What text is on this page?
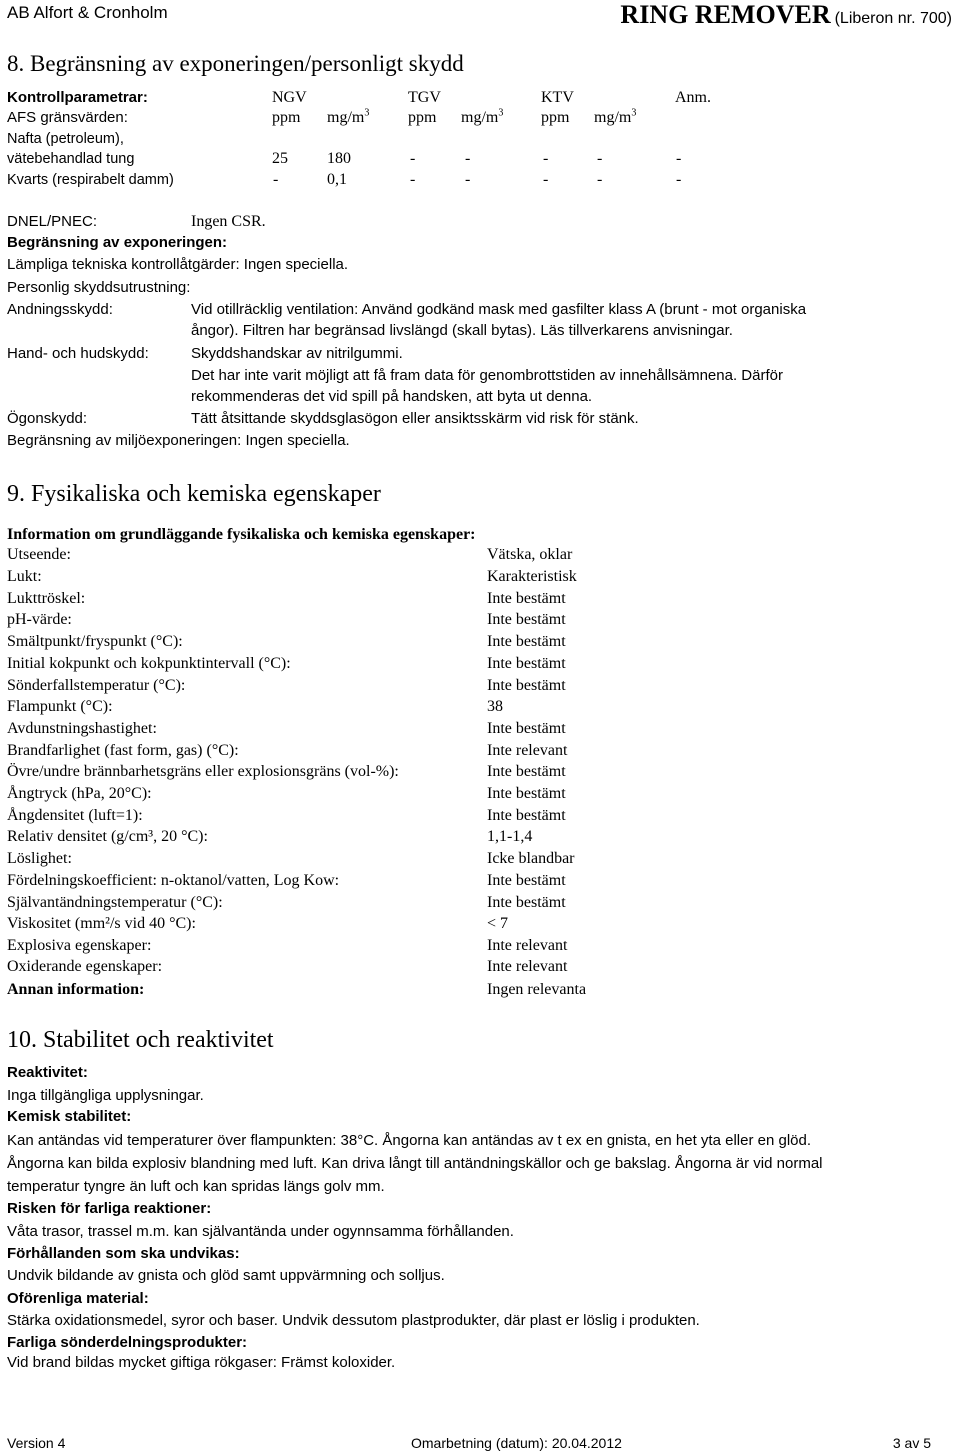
AB Alfort & Cronholm	RING REMOVER (Liberon nr. 700)
8. Begränsning av exponeringen/personligt skydd
Kontrollparametrar:	NGV	TGV	KTV	Anm.
AFS gränsvärden:	ppm $mg/m^3$ ppm $mg/m^3$ ppm $mg/m^3$
Nafta (petroleum),
vätebehandlad tung	25 180	-	-	-	-	-
Kvarts (respirabelt damm)	-	0,1	-	-	-	-	-
DNEL/PNEC:	Ingen CSR.
Begränsning av exponeringen:
Lämpliga tekniska kontrollåtgärder: Ingen speciella.
Personlig skyddsutrustning:
Andningsskydd:	Vid otillräcklig ventilation: Använd godkänd mask med gasfilter klass A (brunt - mot organiska
ångor). Filtren har begränsad livslängd (skall bytas). Läs tillverkarens anvisningar.
Hand- och hudskydd:	Skyddshandskar av nitrilgummi.
Det har inte varit möjligt att få fram data för genombrottstiden av innehållsämnena. Därför
rekommenderas det vid spill på handsken, att byta ut denna.
Ögonskydd:	Tätt åtsittande skyddsglasögon eller ansiktsskärm vid risk för stänk.
Begränsning av miljöexponeringen: Ingen speciella.
9. Fysikaliska och kemiska egenskaper
Information om grundläggande fysikaliska och kemiska egenskaper:
Utseende:	Vätska, oklar
Lukt:	Karakteristisk
Lukttröskel:	Inte bestämt
pH-värde:	Inte bestämt
Smältpunkt/fryspunkt (°C):	Inte bestämt
Initial kokpunkt och kokpunktintervall (°C):	Inte bestämt
Sönderfallstemperatur (°C):	Inte bestämt
Flampunkt (°C):	38
Avdunstningshastighet:	Inte bestämt
Brandfarlighet (fast form, gas) (°C):	Inte relevant
Övre/undre brännbarhetsgräns eller explosionsgräns (vol-%):	Inte bestämt
Ångtryck (hPa, 20°C):	Inte bestämt
Ångdensitet (luft=1):	Inte bestämt
Relativ densitet (g/cm³, 20 °C):	1,1-1,4
Löslighet:	Icke blandbar
Fördelningskoefficient: n-oktanol/vatten, Log Kow:	Inte bestämt
Självantändningstemperatur (°C):	Inte bestämt
Viskositet (mm²/s vid 40 °C):	< 7
Explosiva egenskaper:	Inte relevant
Oxiderande egenskaper:	Inte relevant
Annan information:	Ingen relevanta
10. Stabilitet och reaktivitet
Reaktivitet:
Inga tillgängliga upplysningar.
Kemisk stabilitet:
Kan antändas vid temperaturer över flampunkten: 38°C. Ångorna kan antändas av t ex en gnista, en het yta eller en glöd.
Ångorna kan bilda explosiv blandning med luft. Kan driva långt till antändningskällor och ge bakslag. Ångorna är vid normal
temperatur tyngre än luft och kan spridas längs golv mm.
Risken för farliga reaktioner:
Våta trasor, trassel m.m. kan självantända under ogynnsamma förhållanden.
Förhållanden som ska undvikas:
Undvik bildande av gnista och glöd samt uppvärmning och solljus.
Oförenliga material:
Stärka oxidationsmedel, syror och baser. Undvik dessutom plastprodukter, där plast er löslig i produkten.
Farliga sönderdelningsprodukter:
Vid brand bildas mycket giftiga rökgaser: Främst koloxider.
Version 4	Omarbetning (datum): 20.04.2012	3 av 5
